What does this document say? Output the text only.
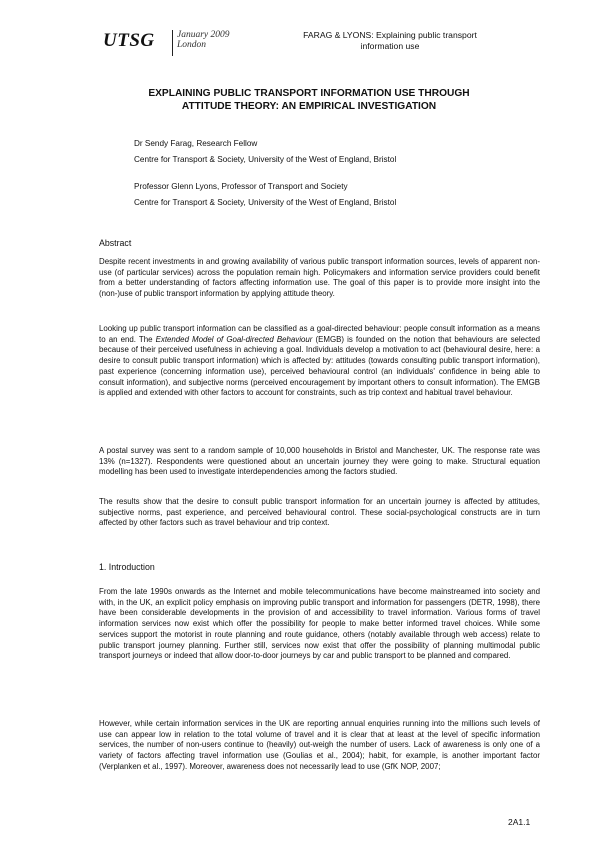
UTSG January 2009
London
FARAG & LYONS: Explaining public transport
information use
EXPLAINING PUBLIC TRANSPORT INFORMATION USE THROUGH
ATTITUDE THEORY: AN EMPIRICAL INVESTIGATION
Dr Sendy Farag, Research Fellow
Centre for Transport & Society, University of the West of England, Bristol
Professor Glenn Lyons, Professor of Transport and Society
Centre for Transport & Society, University of the West of England, Bristol
Abstract

Despite recent investments in and growing availability of various public transport information sources, levels of apparent non-use (of particular services) across the population remain high. Policymakers and information service providers could benefit from a better understanding of factors affecting information use. The goal of this paper is to provide more insight into the (non-)use of public transport information by applying attitude theory.

Looking up public transport information can be classified as a goal-directed behaviour: people consult information as a means to an end. The Extended Model of Goal-directed Behaviour (EMGB) is founded on the notion that behaviours are selected because of their perceived usefulness in achieving a goal. Individuals develop a motivation to act (behavioural desire, here: a desire to consult public transport information) which is affected by: attitudes (towards consulting public transport information), past experience (concerning information use), perceived behavioural control (an individuals' confidence in being able to consult information), and subjective norms (perceived encouragement by important others to consult information). The EMGB is applied and extended with other factors to account for constraints, such as trip context and habitual travel behaviour.

A postal survey was sent to a random sample of 10,000 households in Bristol and Manchester, UK. The response rate was 13% (n=1327). Respondents were questioned about an uncertain journey they were going to make. Structural equation modelling has been used to investigate interdependencies among the factors studied.

The results show that the desire to consult public transport information for an uncertain journey is affected by attitudes, subjective norms, past experience, and perceived behavioural control. These social-psychological constructs are in turn affected by other factors such as travel behaviour and trip context.

1. Introduction

From the late 1990s onwards as the Internet and mobile telecommunications have become mainstreamed into society and with, in the UK, an explicit policy emphasis on improving public transport and information for passengers (DETR, 1998), there have been considerable developments in the provision of and accessibility to travel information. Various forms of travel information services now exist which offer the possibility for people to make better informed travel choices. While some services support the motorist in route planning and route guidance, others (notably available through web access) relate to public transport journey planning. Further still, services now exist that offer the possibility of planning multimodal public transport journeys or indeed that allow door-to-door journeys by car and public transport to be planned and compared.

However, while certain information services in the UK are reporting annual enquiries running into the millions such levels of use can appear low in relation to the total volume of travel and it is clear that at least at the level of specific information services, the number of non-users continue to (heavily) out-weigh the number of users. Lack of awareness is only one of a variety of factors affecting travel information use (Goulias et al., 2004); habit, for example, is another important factor (Verplanken et al., 1997). Moreover, awareness does not necessarily lead to use (GfK NOP, 2007;

2A1.1
